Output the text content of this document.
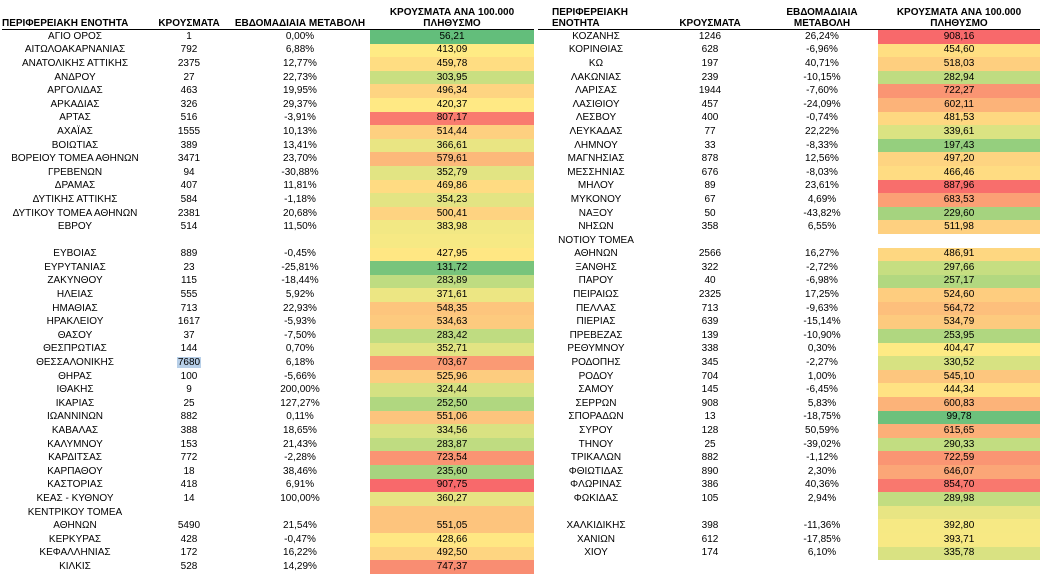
ΠΕΡΙΦΕΡΕΙΑΚΗ ΕΝΟΤΗΤΑ	ΚΡΟΥΣΜΑΤΑ	ΕΒΔΟΜΑΔΙΑΙΑ ΜΕΤΑΒΟΛΗ	ΚΡΟΥΣΜΑΤΑ ΑΝΑ 100.000 ΠΛΗΘΥΣΜΟ
ΑΓΙΟ ΟΡΟΣ	1	0,00%	56,21
ΑΙΤΩΛΟΑΚΑΡΝΑΝΙΑΣ	792	6,88%	413,09
ΑΝΑΤΟΛΙΚΗΣ ΑΤΤΙΚΗΣ	2375	12,77%	459,78
ΑΝΔΡΟΥ	27	22,73%	303,95
ΑΡΓΟΛΙΔΑΣ	463	19,95%	496,34
ΑΡΚΑΔΙΑΣ	326	29,37%	420,37
ΑΡΤΑΣ	516	-3,91%	807,17
ΑΧΑΪΑΣ	1555	10,13%	514,44
ΒΟΙΩΤΙΑΣ	389	13,41%	366,61
ΒΟΡΕΙΟΥ ΤΟΜΕΑ ΑΘΗΝΩΝ	3471	23,70%	579,61
ΓΡΕΒΕΝΩΝ	94	-30,88%	352,79
ΔΡΑΜΑΣ	407	11,81%	469,86
ΔΥΤΙΚΗΣ ΑΤΤΙΚΗΣ	584	-1,18%	354,23
ΔΥΤΙΚΟΥ ΤΟΜΕΑ ΑΘΗΝΩΝ	2381	20,68%	500,41
ΕΒΡΟΥ	514	11,50%	383,98

ΕΥΒΟΙΑΣ	889	-0,45%	427,95
ΕΥΡΥΤΑΝΙΑΣ	23	-25,81%	131,72
ΖΑΚΥΝΘΟΥ	115	-18,44%	283,89
ΗΛΕΙΑΣ	555	5,92%	371,61
ΗΜΑΘΙΑΣ	713	22,93%	548,35
ΗΡΑΚΛΕΙΟΥ	1617	-5,93%	534,63
ΘΑΣΟΥ	37	-7,50%	283,42
ΘΕΣΠΡΩΤΙΑΣ	144	0,70%	352,71
ΘΕΣΣΑΛΟΝΙΚΗΣ	7680	6,18%	703,67
ΘΗΡΑΣ	100	-5,66%	525,96
ΙΘΑΚΗΣ	9	200,00%	324,44
ΙΚΑΡΙΑΣ	25	127,27%	252,50
ΙΩΑΝΝΙΝΩΝ	882	0,11%	551,06
ΚΑΒΑΛΑΣ	388	18,65%	334,56
ΚΑΛΥΜΝΟΥ	153	21,43%	283,87
ΚΑΡΔΙΤΣΑΣ	772	-2,28%	723,54
ΚΑΡΠΑΘΟΥ	18	38,46%	235,60
ΚΑΣΤΟΡΙΑΣ	418	6,91%	907,75
ΚΕΑΣ - ΚΥΘΝΟΥ	14	100,00%	360,27
ΚΕΝΤΡΙΚΟΥ ΤΟΜΕΑ			
ΑΘΗΝΩΝ	5490	21,54%	551,05
ΚΕΡΚΥΡΑΣ	428	-0,47%	428,66
ΚΕΦΑΛΛΗΝΙΑΣ	172	16,22%	492,50
ΚΙΛΚΙΣ	528	14,29%	747,37
ΠΕΡΙΦΕΡΕΙΑΚΗ ΕΝΟΤΗΤΑ	ΚΡΟΥΣΜΑΤΑ	ΕΒΔΟΜΑΔΙΑΙΑ ΜΕΤΑΒΟΛΗ	ΚΡΟΥΣΜΑΤΑ ΑΝΑ 100.000 ΠΛΗΘΥΣΜΟ
ΚΟΖΑΝΗΣ	1246	26,24%	908,16
ΚΟΡΙΝΘΙΑΣ	628	-6,96%	454,60
ΚΩ	197	40,71%	518,03
ΛΑΚΩΝΙΑΣ	239	-10,15%	282,94
ΛΑΡΙΣΑΣ	1944	-7,60%	722,27
ΛΑΣΙΘΙΟΥ	457	-24,09%	602,11
ΛΕΣΒΟΥ	400	-0,74%	481,53
ΛΕΥΚΑΔΑΣ	77	22,22%	339,61
ΛΗΜΝΟΥ	33	-8,33%	197,43
ΜΑΓΝΗΣΙΑΣ	878	12,56%	497,20
ΜΕΣΣΗΝΙΑΣ	676	-8,03%	466,46
ΜΗΛΟΥ	89	23,61%	887,96
ΜΥΚΟΝΟΥ	67	4,69%	683,53
ΝΑΞΟΥ	50	-43,82%	229,60
ΝΗΣΩΝ	358	6,55%	511,98
ΝΟΤΙΟΥ ΤΟΜΕΑ			
ΑΘΗΝΩΝ	2566	16,27%	486,91
ΞΑΝΘΗΣ	322	-2,72%	297,66
ΠΑΡΟΥ	40	-6,98%	257,17
ΠΕΙΡΑΙΩΣ	2325	17,25%	524,60
ΠΕΛΛΑΣ	713	-9,63%	564,72
ΠΙΕΡΙΑΣ	639	-15,14%	534,79
ΠΡΕΒΕΖΑΣ	139	-10,90%	253,95
ΡΕΘΥΜΝΟΥ	338	0,30%	404,47
ΡΟΔΟΠΗΣ	345	-2,27%	330,52
ΡΟΔΟΥ	704	1,00%	545,10
ΣΑΜΟΥ	145	-6,45%	444,34
ΣΕΡΡΩΝ	908	5,83%	600,83
ΣΠΟΡΑΔΩΝ	13	-18,75%	99,78
ΣΥΡΟΥ	128	50,59%	615,65
ΤΗΝΟΥ	25	-39,02%	290,33
ΤΡΙΚΑΛΩΝ	882	-1,12%	722,59
ΦΘΙΩΤΙΔΑΣ	890	2,30%	646,07
ΦΛΩΡΙΝΑΣ	386	40,36%	854,70
ΦΩΚΙΔΑΣ	105	2,94%	289,98

ΧΑΛΚΙΔΙΚΗΣ	398	-11,36%	392,80
ΧΑΝΙΩΝ	612	-17,85%	393,71
ΧΙΟΥ	174	6,10%	335,78
